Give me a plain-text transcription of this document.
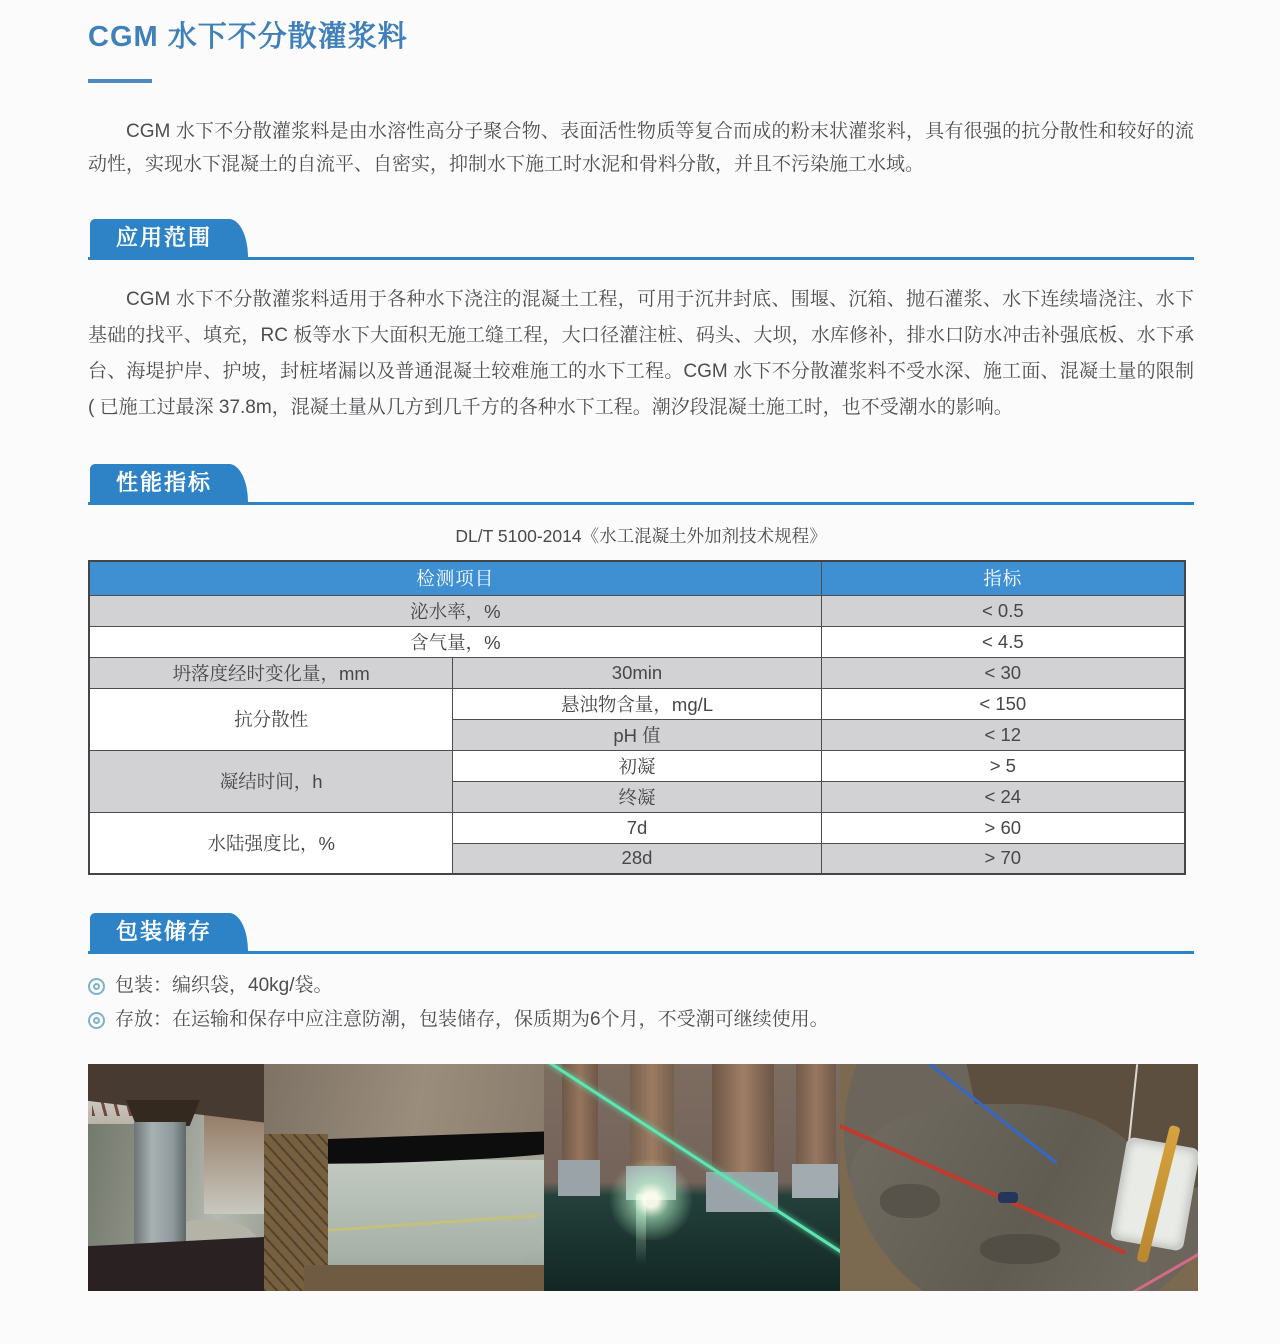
CGM 水下不分散灌浆料

CGM 水下不分散灌浆料是由水溶性高分子聚合物、表面活性物质等复合而成的粉末状灌浆料，具有很强的抗分散性和较好的流动性，实现水下混凝土的自流平、自密实，抑制水下施工时水泥和骨料分散，并且不污染施工水域。

应用范围

CGM 水下不分散灌浆料适用于各种水下浇注的混凝土工程，可用于沉井封底、围堰、沉箱、抛石灌浆、水下连续墙浇注、水下基础的找平、填充，RC 板等水下大面积无施工缝工程，大口径灌注桩、码头、大坝，水库修补，排水口防水冲击补强底板、水下承台、海堤护岸、护坡，封桩堵漏以及普通混凝土较难施工的水下工程。CGM 水下不分散灌浆料不受水深、施工面、混凝土量的限制 ( 已施工过最深 37.8m，混凝土量从几方到几千方的各种水下工程。潮汐段混凝土施工时，也不受潮水的影响。

性能指标

DL/T 5100-2014《水工混凝土外加剂技术规程》

检测项目		指标
泌水率，%		< 0.5
含气量，%		< 4.5
坍落度经时变化量，mm	30min	< 30
抗分散性	悬浊物含量，mg/L	< 150
	pH 值	< 12
凝结时间，h	初凝	> 5
	终凝	< 24
水陆强度比，%	7d	> 60
	28d	> 70
包装储存
包装：编织袋，40kg/袋。
存放：在运输和保存中应注意防潮，包装储存，保质期为6个月，不受潮可继续使用。
